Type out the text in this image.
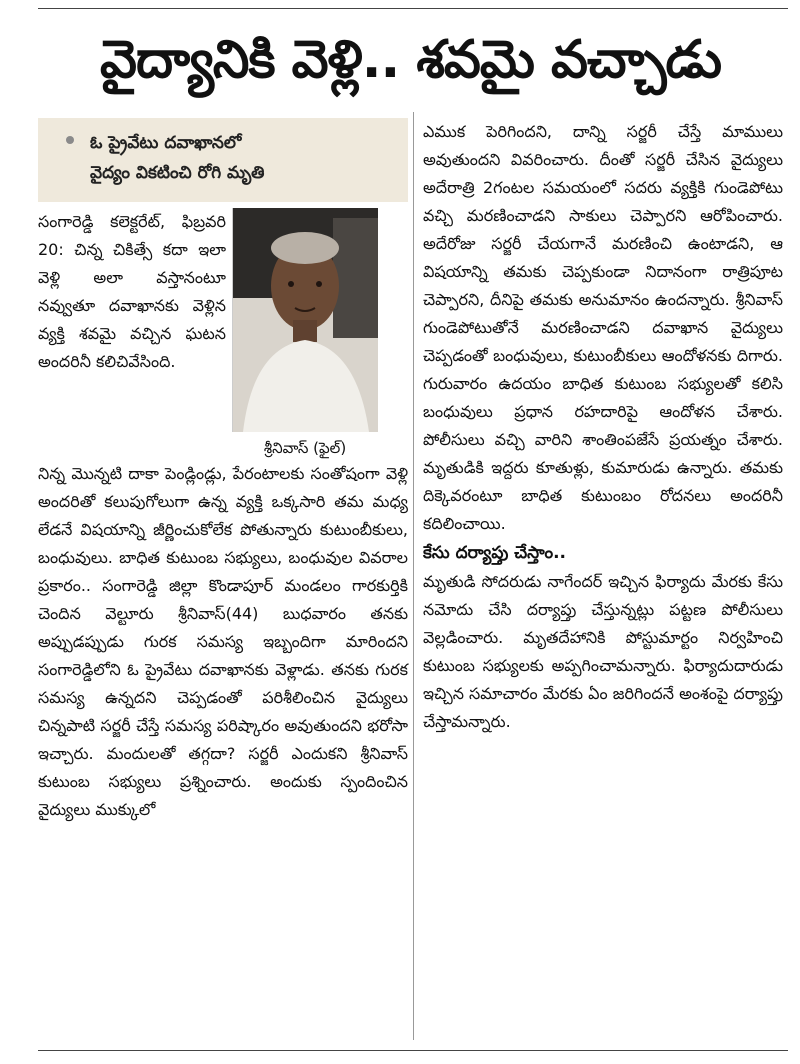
వైద్యానికి వెళ్లి.. శవమై వచ్చాడు

ఓ ప్రైవేటు దవాఖానలో

వైద్యం వికటించి రోగి మృతి

సంగారెడ్డి కలెక్టరేట్, ఫిబ్రవరి 20: చిన్న చికిత్సే కదా ఇలా వెళ్లి అలా వస్తానంటూ నవ్వుతూ దవాఖానకు వెళ్లిన వ్యక్తి శవమై వచ్చిన ఘటన అందరినీ కలిచివేసింది.

శ్రీనివాస్ (ఫైల్)

నిన్న మొన్నటి దాకా పెండ్లిండ్లు, పేరంటాలకు సంతోషంగా వెళ్లి అందరితో కలుపుగోలుగా ఉన్న వ్యక్తి ఒక్కసారి తమ మధ్య లేడనే విషయాన్ని జీర్ణించుకోలేక పోతున్నారు కుటుంబీకులు, బంధువులు. బాధిత కుటుంబ సభ్యులు, బంధువుల వివరాల ప్రకారం.. సంగారెడ్డి జిల్లా కొండాపూర్ మండలం గారకుర్తికి చెందిన వెల్టూరు శ్రీనివాస్(44) బుధవారం తనకు అప్పుడప్పుడు గురక సమస్య ఇబ్బందిగా మారిందని సంగారెడ్డిలోని ఓ ప్రైవేటు దవాఖానకు వెళ్లాడు. తనకు గురక సమస్య ఉన్నదని చెప్పడంతో పరిశీలించిన వైద్యులు చిన్నపాటి సర్జరీ చేస్తే సమస్య పరిష్కారం అవుతుందని భరోసా ఇచ్చారు. మందులతో తగ్గదా? సర్జరీ ఎందుకని శ్రీనివాస్ కుటుంబ సభ్యులు ప్రశ్నించారు. అందుకు స్పందించిన వైద్యులు ముక్కులో

ఎముక పెరిగిందని, దాన్ని సర్జరీ చేస్తే మాములు అవుతుందని వివరించారు. దీంతో సర్జరీ చేసిన వైద్యులు అదేరాత్రి 2గంటల సమయంలో సదరు వ్యక్తికి గుండెపోటు వచ్చి మరణించాడని సాకులు చెప్పారని ఆరోపించారు. అదేరోజు సర్జరీ చేయగానే మరణించి ఉంటాడని, ఆ విషయాన్ని తమకు చెప్పకుండా నిదానంగా రాత్రిపూట చెప్పారని, దీనిపై తమకు అనుమానం ఉందన్నారు. శ్రీనివాస్ గుండెపోటుతోనే మరణించాడని దవాఖాన వైద్యులు చెప్పడంతో బంధువులు, కుటుంబీకులు ఆందోళనకు దిగారు. గురువారం ఉదయం బాధిత కుటుంబ సభ్యులతో కలిసి బంధువులు ప్రధాన రహదారిపై ఆందోళన చేశారు. పోలీసులు వచ్చి వారిని శాంతింపజేసే ప్రయత్నం చేశారు. మృతుడికి ఇద్దరు కూతుళ్లు, కుమారుడు ఉన్నారు. తమకు దిక్కెవరంటూ బాధిత కుటుంబం రోదనలు అందరినీ కదిలించాయి.

కేసు దర్యాప్తు చేస్తాం..

మృతుడి సోదరుడు నాగేందర్ ఇచ్చిన ఫిర్యాదు మేరకు కేసు నమోదు చేసి దర్యాప్తు చేస్తున్నట్లు పట్టణ పోలీసులు వెల్లడించారు. మృతదేహానికి పోస్టుమార్టం నిర్వహించి కుటుంబ సభ్యులకు అప్పగించామన్నారు. ఫిర్యాదుదారుడు ఇచ్చిన సమాచారం మేరకు ఏం జరిగిందనే అంశంపై దర్యాప్తు చేస్తామన్నారు.
